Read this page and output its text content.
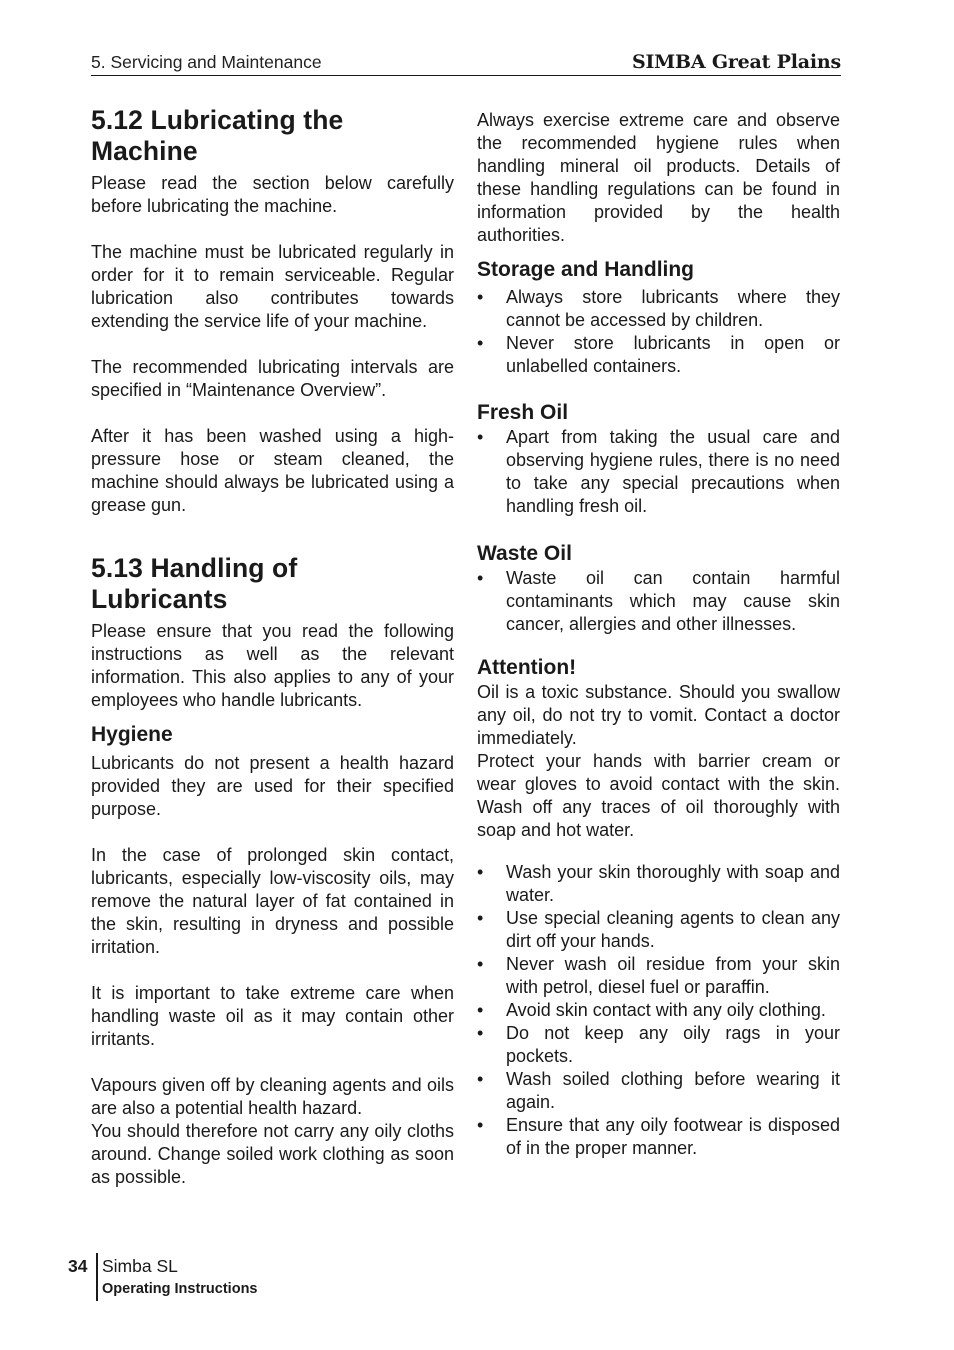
5. Servicing and Maintenance	SIMBA Great Plains
5.12 Lubricating the Machine

Please read the section below carefully before lubricating the machine.

The machine must be lubricated regularly in order for it to remain serviceable. Regular lubrication also contributes towards extending the service life of your machine.

The recommended lubricating intervals are specified in “Maintenance Overview”.

After it has been washed using a high-pressure hose or steam cleaned, the machine should always be lubricated using a grease gun.

5.13 Handling of Lubricants

Please ensure that you read the following instructions as well as the relevant information. This also applies to any of your employees who handle lubricants.

Hygiene

Lubricants do not present a health hazard provided they are used for their specified purpose.

In the case of prolonged skin contact, lubricants, especially low-viscosity oils, may remove the natural layer of fat contained in the skin, resulting in dryness and possible irritation.

It is important to take extreme care when handling waste oil as it may contain other irritants.

Vapours given off by cleaning agents and oils are also a potential health hazard.

You should therefore not carry any oily cloths around. Change soiled work clothing as soon as possible.

Always exercise extreme care and observe the recommended hygiene rules when handling mineral oil products. Details of these handling regulations can be found in information provided by the health authorities.

Storage and Handling
• Always store lubricants where they cannot be accessed by children.
• Never store lubricants in open or unlabelled containers.
Fresh Oil
• Apart from taking the usual care and observing hygiene rules, there is no need to take any special precautions when handling fresh oil.
Waste Oil
• Waste oil can contain harmful contaminants which may cause skin cancer, allergies and other illnesses.
Attention!

Oil is a toxic substance. Should you swallow any oil, do not try to vomit. Contact a doctor immediately.

Protect your hands with barrier cream or wear gloves to avoid contact with the skin. Wash off any traces of oil thoroughly with soap and hot water.

• Wash your skin thoroughly with soap and water.
• Use special cleaning agents to clean any dirt off your hands.
• Never wash oil residue from your skin with petrol, diesel fuel or paraffin.
• Avoid skin contact with any oily clothing.
• Do not keep any oily rags in your pockets.
• Wash soiled clothing before wearing it again.
• Ensure that any oily footwear is disposed of in the proper manner.
34 Simba SL
Operating Instructions
